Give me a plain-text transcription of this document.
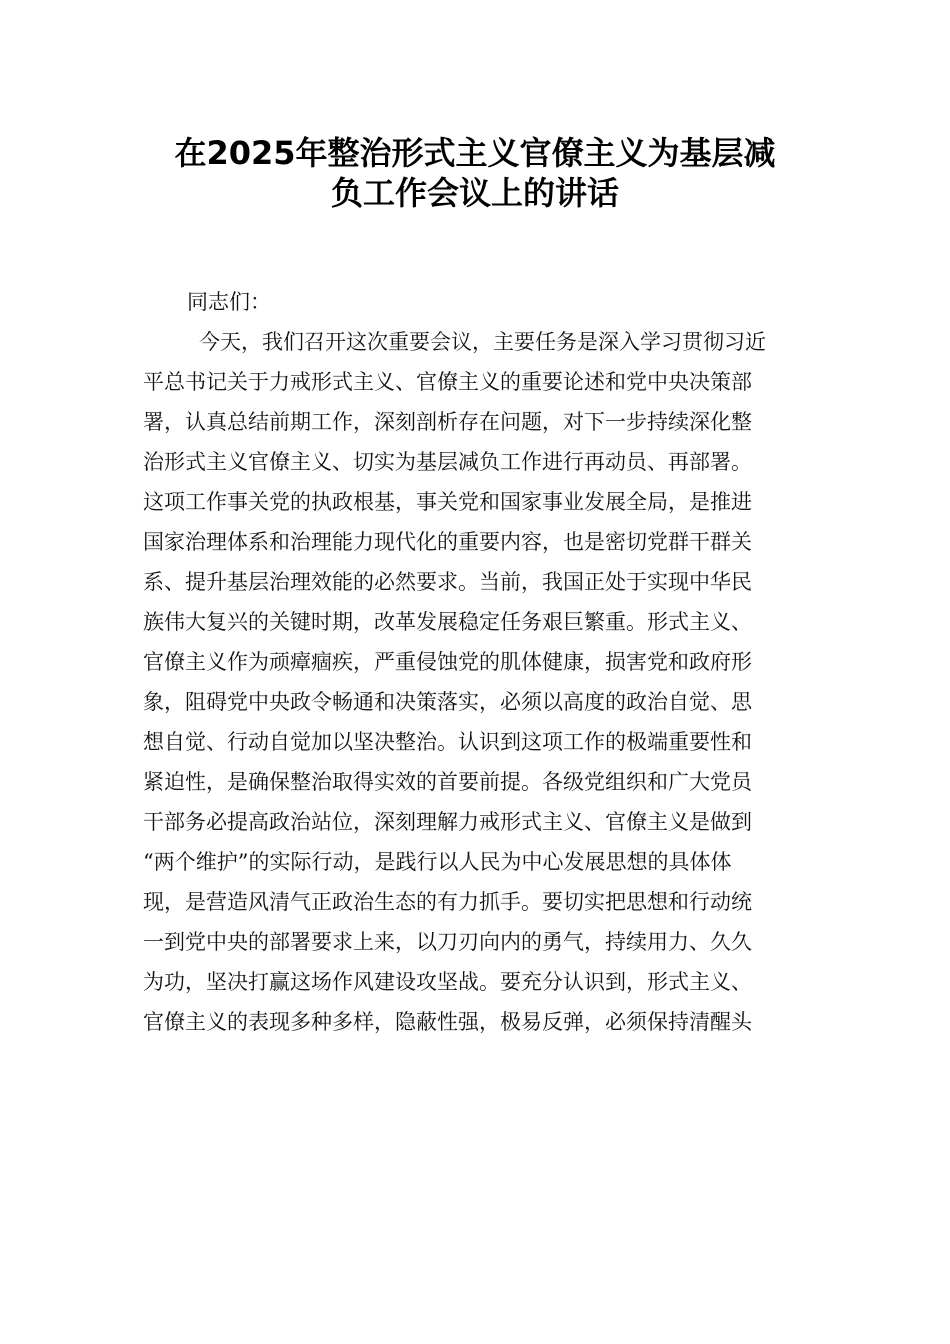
在2025年整治形式主义官僚主义为基层减
负工作会议上的讲话

同志们：

今天，我们召开这次重要会议，主要任务是深入学习贯彻习近
平总书记关于力戒形式主义、官僚主义的重要论述和党中央决策部
署，认真总结前期工作，深刻剖析存在问题，对下一步持续深化整
治形式主义官僚主义、切实为基层减负工作进行再动员、再部署。
这项工作事关党的执政根基，事关党和国家事业发展全局，是推进
国家治理体系和治理能力现代化的重要内容，也是密切党群干群关
系、提升基层治理效能的必然要求。当前，我国正处于实现中华民
族伟大复兴的关键时期，改革发展稳定任务艰巨繁重。形式主义、
官僚主义作为顽瘴痼疾，严重侵蚀党的肌体健康，损害党和政府形
象，阻碍党中央政令畅通和决策落实，必须以高度的政治自觉、思
想自觉、行动自觉加以坚决整治。认识到这项工作的极端重要性和
紧迫性，是确保整治取得实效的首要前提。各级党组织和广大党员
干部务必提高政治站位，深刻理解力戒形式主义、官僚主义是做到
“两个维护”的实际行动，是践行以人民为中心发展思想的具体体
现，是营造风清气正政治生态的有力抓手。要切实把思想和行动统
一到党中央的部署要求上来，以刀刃向内的勇气，持续用力、久久
为功，坚决打赢这场作风建设攻坚战。要充分认识到，形式主义、
官僚主义的表现多种多样，隐蔽性强，极易反弹，必须保持清醒头
